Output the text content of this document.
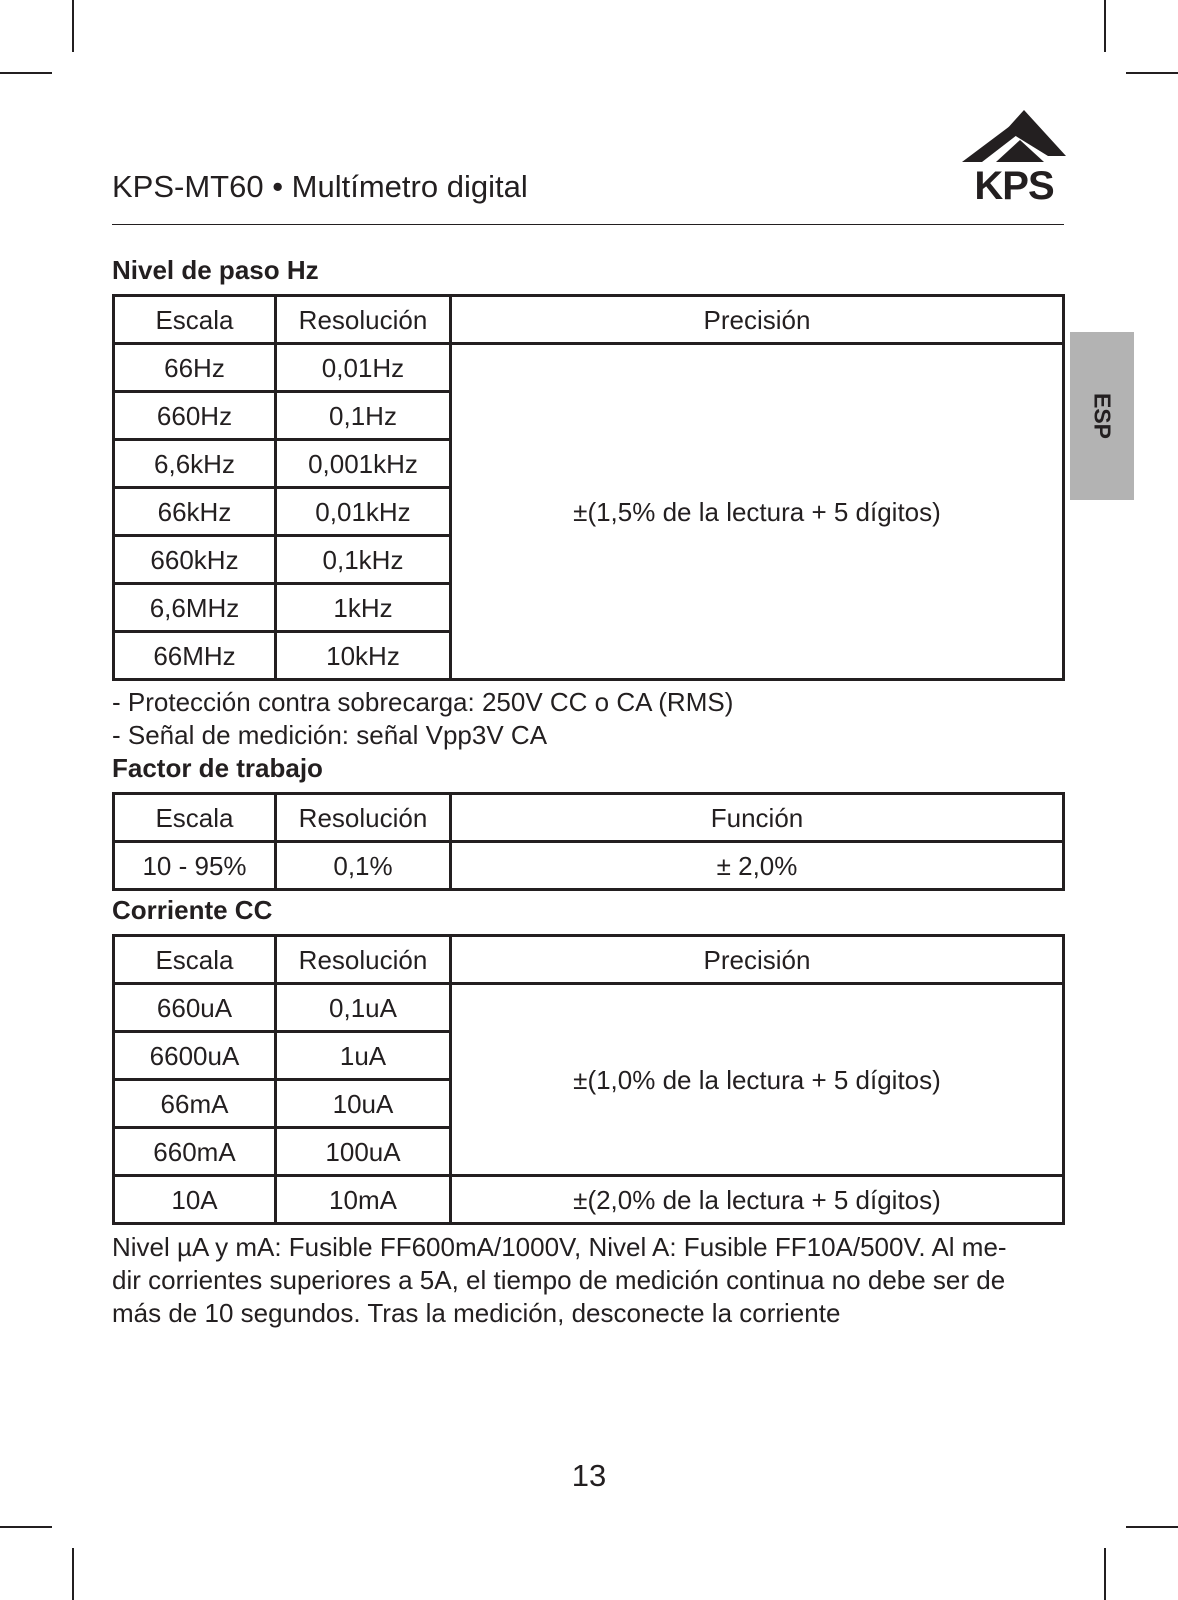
KPS-MT60 • Multímetro digital	KPS
ESP
Nivel de paso Hz
Escala	Resolución	Precisión
66Hz	0,01Hz	±(1,5% de la lectura + 5 dígitos)
660Hz	0,1Hz	
6,6kHz	0,001kHz	
66kHz	0,01kHz	
660kHz	0,1kHz	
6,6MHz	1kHz	
66MHz	10kHz	
- Protección contra sobrecarga: 250V CC o CA (RMS)
- Señal de medición: señal Vpp3V CA
Factor de trabajo
Escala	Resolución	Función
10 - 95%	0,1%	± 2,0%
Corriente CC
Escala	Resolución	Precisión
660uA	0,1uA	±(1,0% de la lectura + 5 dígitos)
6600uA	1uA	
66mA	10uA	
660mA	100uA	
10A	10mA	±(2,0% de la lectura + 5 dígitos)
Nivel µA y mA: Fusible FF600mA/1000V, Nivel A: Fusible FF10A/500V. Al me-
dir corrientes superiores a 5A, el tiempo de medición continua no debe ser de
más de 10 segundos. Tras la medición, desconecte la corriente
13
